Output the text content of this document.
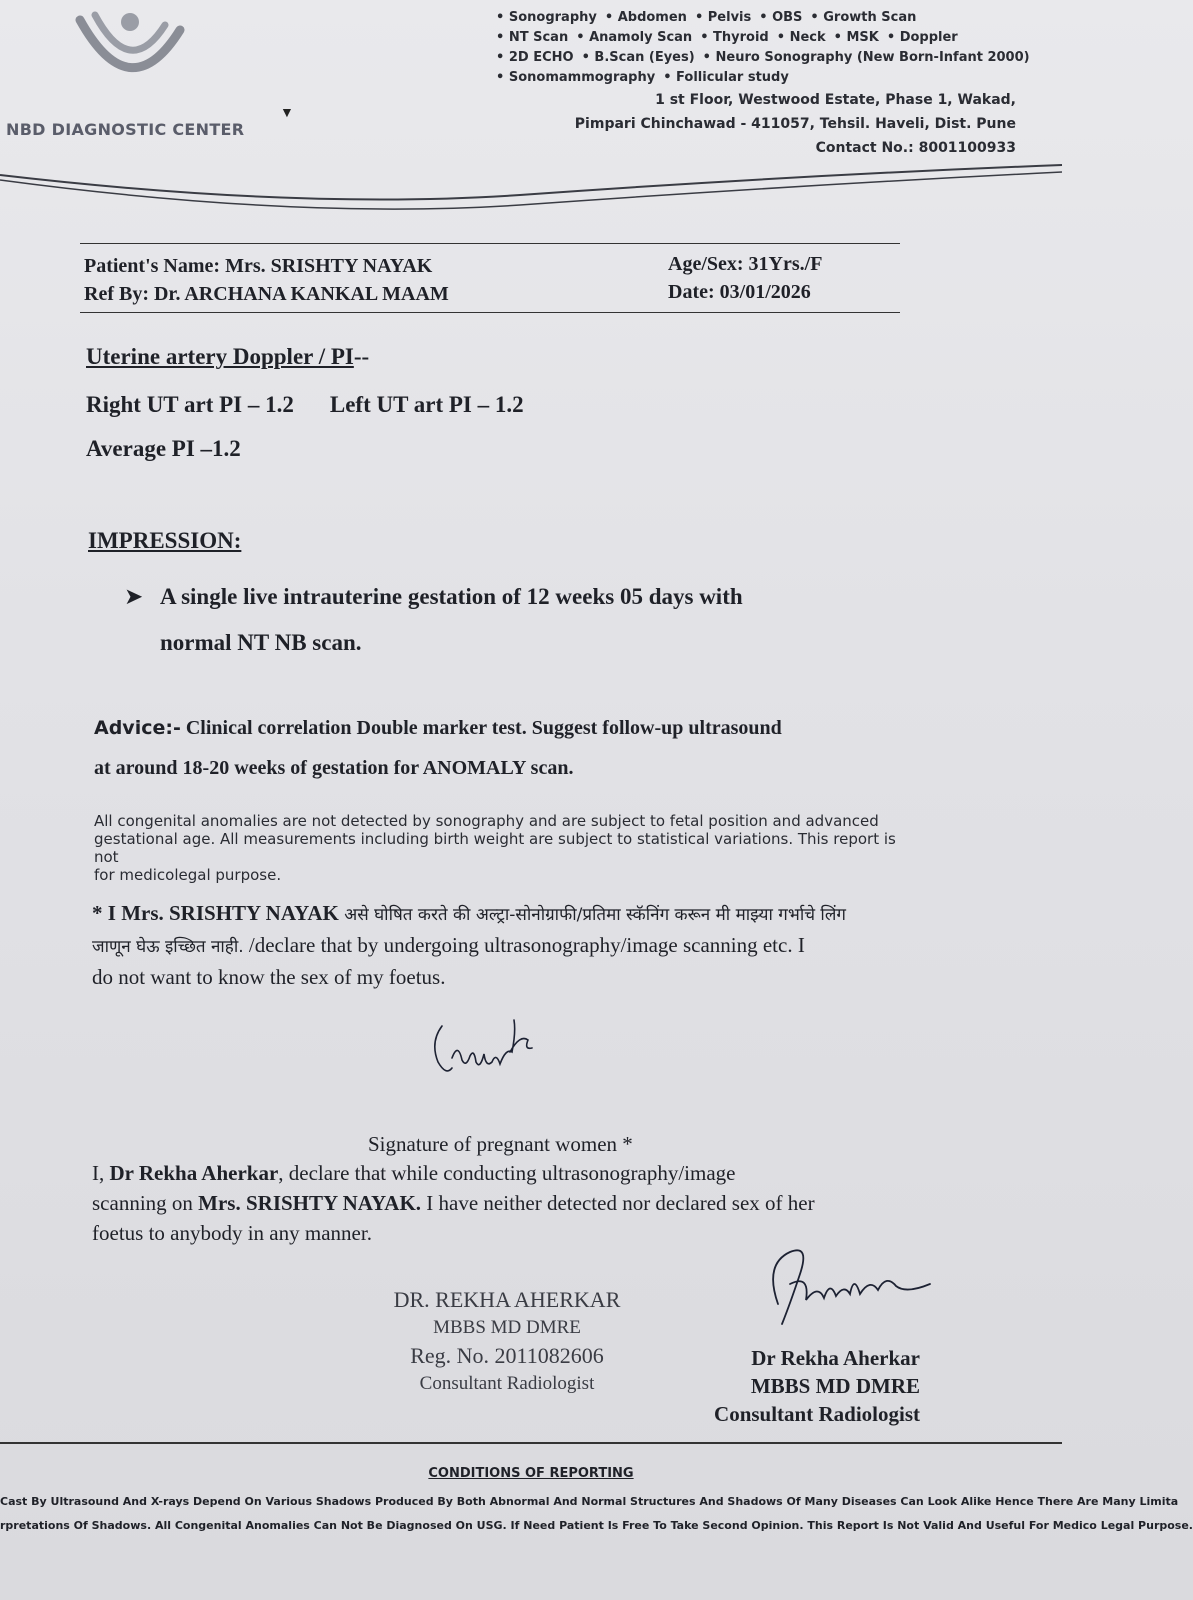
NBD DIAGNOSTIC CENTER
▼
• Sonography • Abdomen • Pelvis • OBS • Growth Scan
• NT Scan • Anamoly Scan • Thyroid • Neck • MSK • Doppler
• 2D ECHO • B.Scan (Eyes) • Neuro Sonography (New Born-Infant 2000)
• Sonomammography • Follicular study
1 st Floor, Westwood Estate, Phase 1, Wakad,
Pimpari Chinchawad - 411057, Tehsil. Haveli, Dist. Pune
Contact No.: 8001100933
Patient's Name: Mrs. SRISHTY NAYAK
Ref By: Dr. ARCHANA KANKAL MAAM
Age/Sex: 31Yrs./F
Date: 03/01/2026
Uterine artery Doppler / PI--
Right UT art PI – 1.2 Left UT art PI – 1.2
Average PI –1.2
IMPRESSION:
➤ A single live intrauterine gestation of 12 weeks 05 days with
normal NT NB scan.
Advice:- Clinical correlation Double marker test. Suggest follow-up ultrasound
at around 18-20 weeks of gestation for ANOMALY scan.
All congenital anomalies are not detected by sonography and are subject to fetal position and advanced
gestational age. All measurements including birth weight are subject to statistical variations. This report is not
for medicolegal purpose.
* I Mrs. SRISHTY NAYAK असे घोषित करते की अल्ट्रा-सोनोग्राफी/प्रतिमा स्कॅनिंग करून मी माझ्या गर्भाचे लिंग
जाणून घेऊ इच्छित नाही. /declare that by undergoing ultrasonography/image scanning etc. I
do not want to know the sex of my foetus.
Signature of pregnant women *
I, Dr Rekha Aherkar, declare that while conducting ultrasonography/image
scanning on Mrs. SRISHTY NAYAK. I have neither detected nor declared sex of her
foetus to anybody in any manner.
DR. REKHA AHERKAR
MBBS MD DMRE
Reg. No. 2011082606
Consultant Radiologist
Dr Rekha Aherkar
MBBS MD DMRE
Consultant Radiologist
CONDITIONS OF REPORTING
Cast By Ultrasound And X-rays Depend On Various Shadows Produced By Both Abnormal And Normal Structures And Shadows Of Many Diseases Can Look Alike Hence There Are Many Limita
rpretations Of Shadows. All Congenital Anomalies Can Not Be Diagnosed On USG. If Need Patient Is Free To Take Second Opinion. This Report Is Not Valid And Useful For Medico Legal Purpose.
